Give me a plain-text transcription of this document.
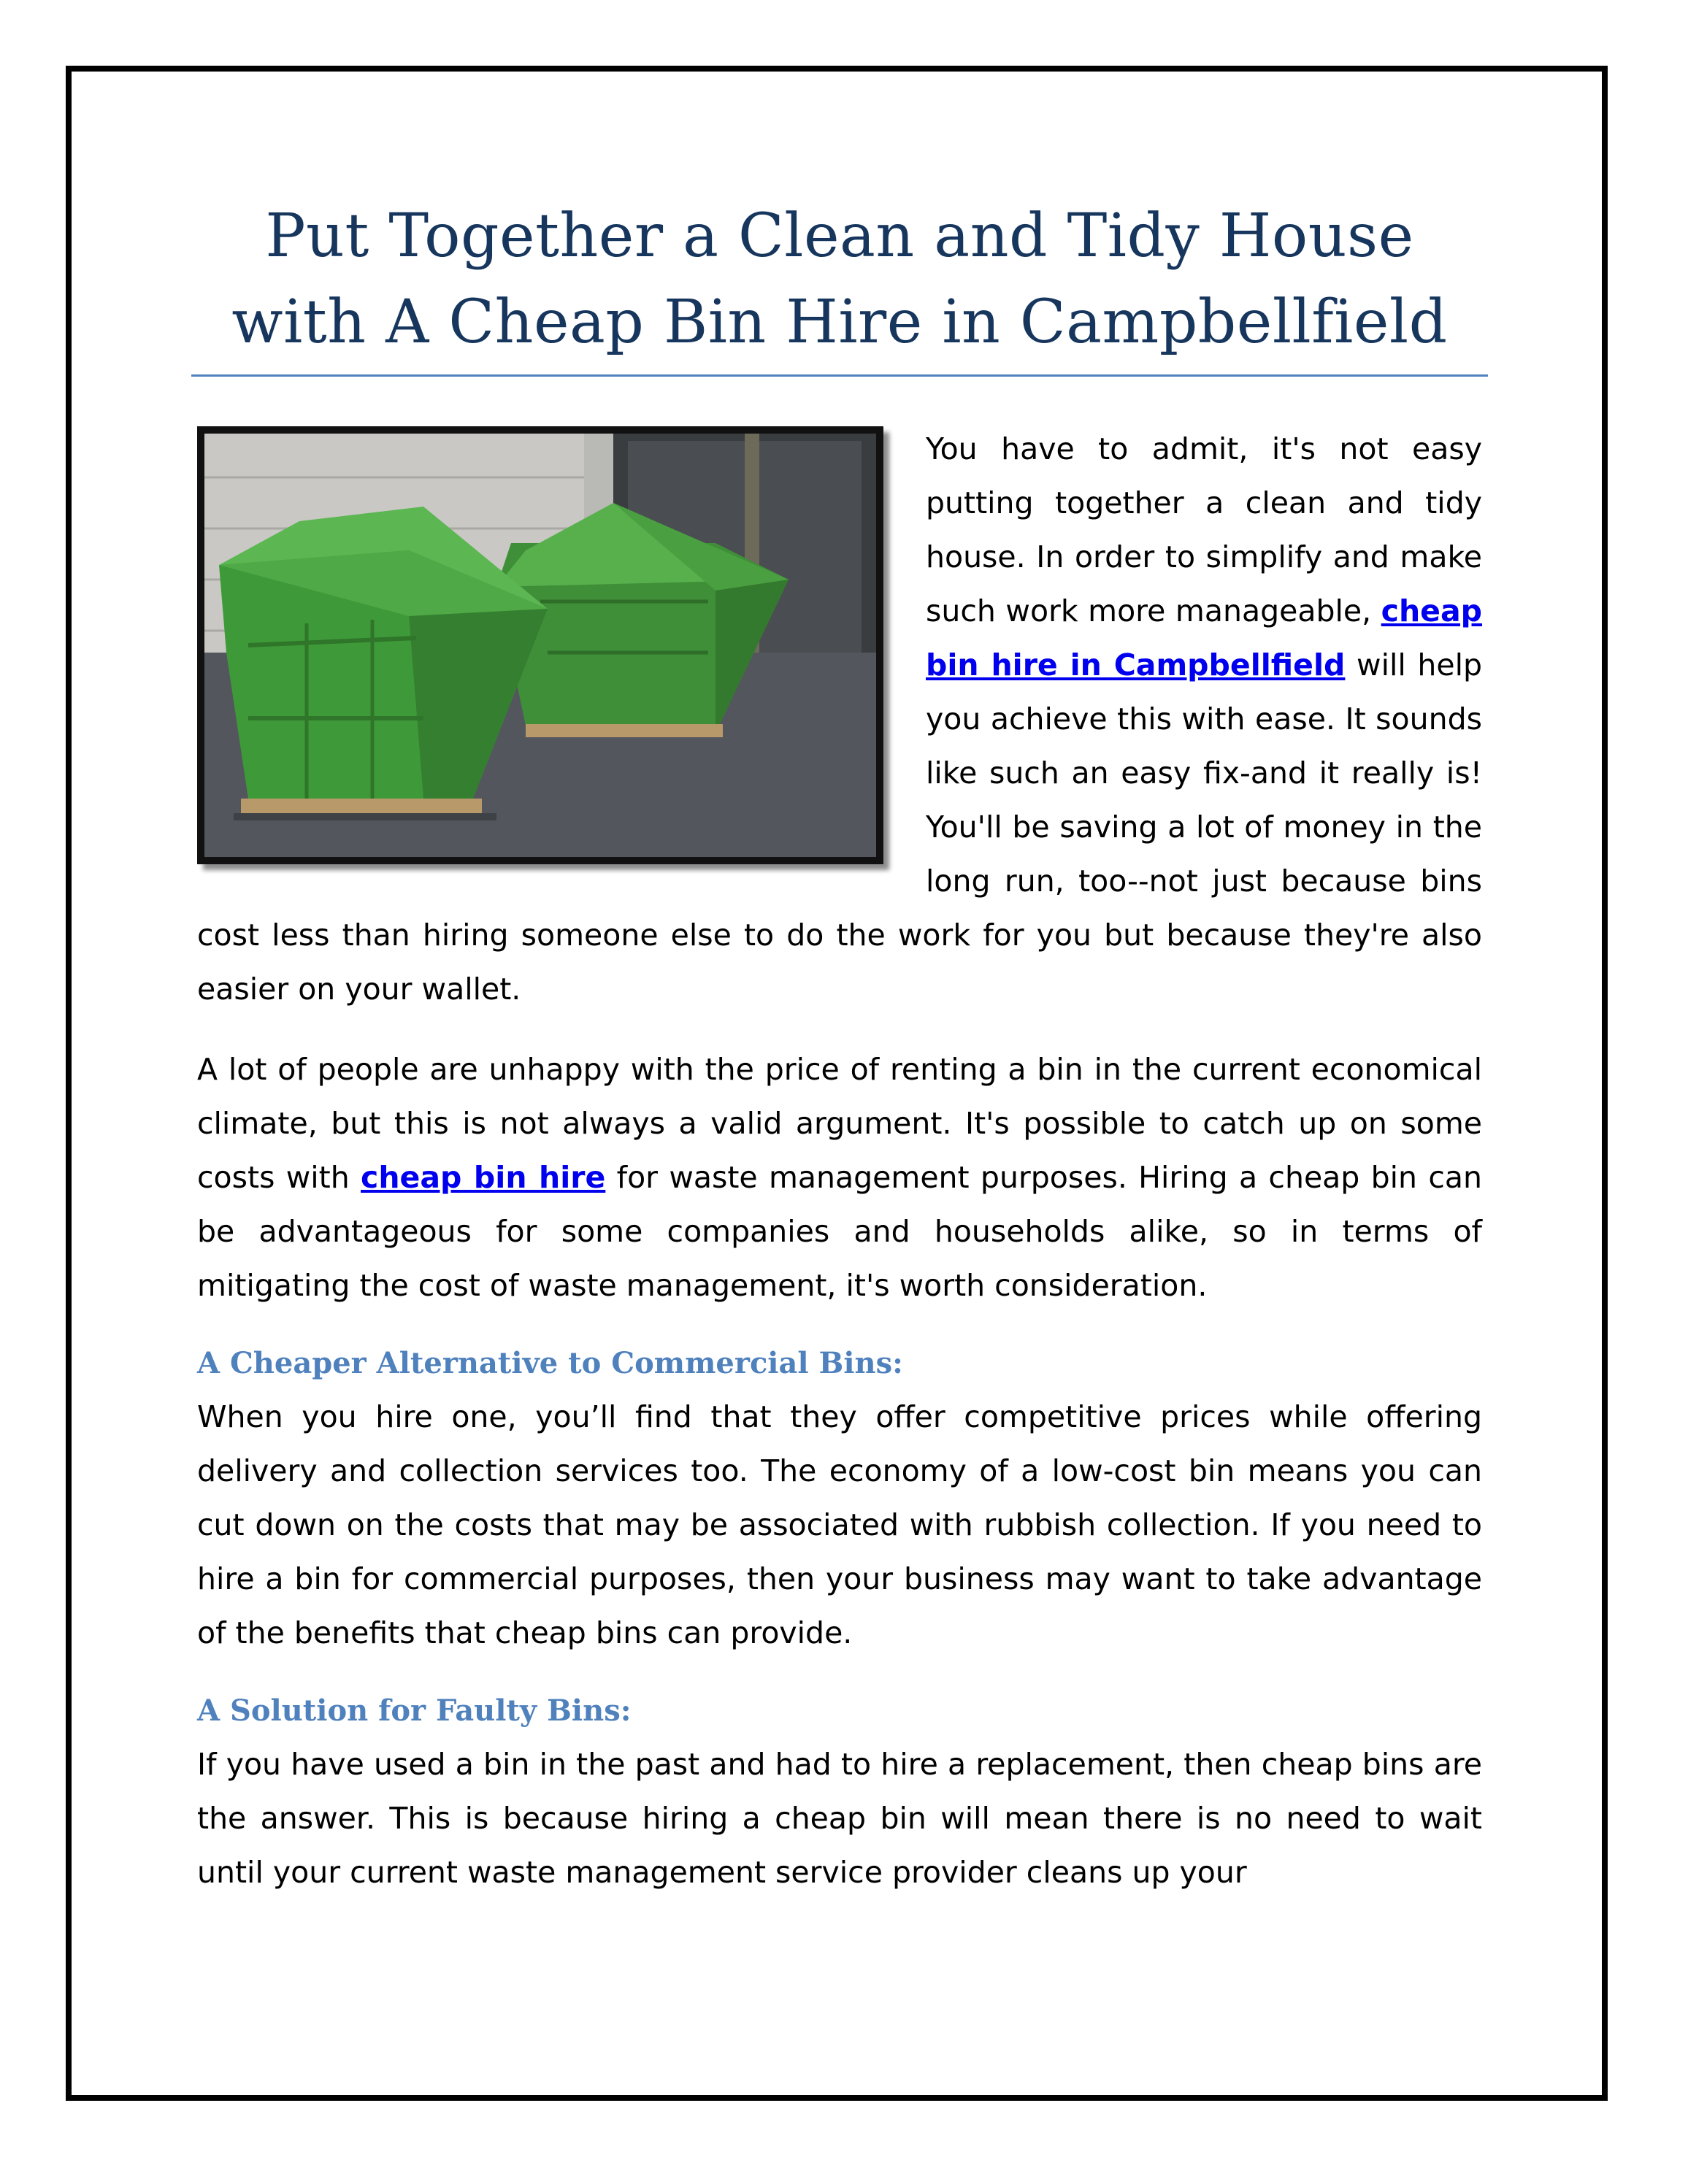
Put Together a Clean and Tidy House
with A Cheap Bin Hire in Campbellfield

You have to admit, it's not easy putting together a clean and tidy house. In order to simplify and make such work more manageable, cheap bin hire in Campbellfield will help you achieve this with ease. It sounds like such an easy fix-and it really is! You'll be saving a lot of money in the long run, too--not just because bins cost less than hiring someone else to do the work for you but because they're also easier on your wallet.

A lot of people are unhappy with the price of renting a bin in the current economical climate, but this is not always a valid argument. It's possible to catch up on some costs with cheap bin hire for waste management purposes. Hiring a cheap bin can be advantageous for some companies and households alike, so in terms of mitigating the cost of waste management, it's worth consideration.

A Cheaper Alternative to Commercial Bins:

When you hire one, you’ll find that they offer competitive prices while offering delivery and collection services too. The economy of a low-cost bin means you can cut down on the costs that may be associated with rubbish collection. If you need to hire a bin for commercial purposes, then your business may want to take advantage of the benefits that cheap bins can provide.

A Solution for Faulty Bins:

If you have used a bin in the past and had to hire a replacement, then cheap bins are the answer. This is because hiring a cheap bin will mean there is no need to wait until your current waste management service provider cleans up your
